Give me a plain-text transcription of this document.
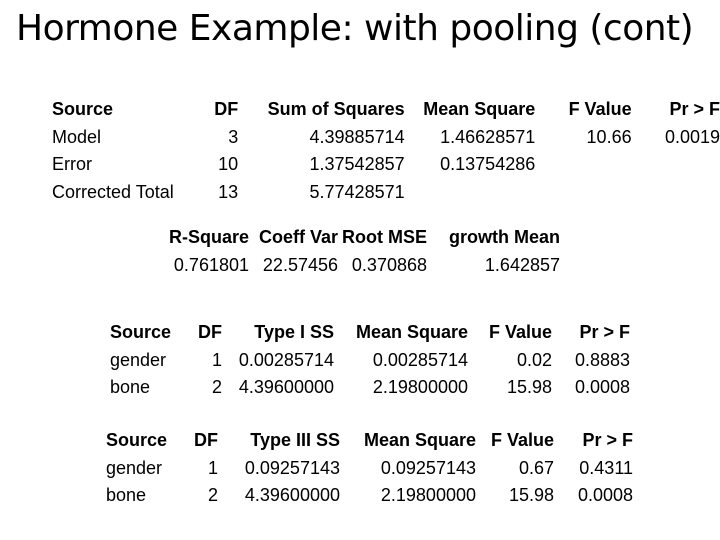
Hormone Example: with pooling (cont)
Source	DF	Sum of Squares	Mean Square	F Value	Pr > F
Model	3	4.39885714	1.46628571	10.66	0.0019
Error	10	1.37542857	0.13754286		
Corrected Total	13	5.77428571			
R-Square	Coeff Var	Root MSE	growth Mean
0.761801	22.57456	0.370868	1.642857
Source	DF	Type I SS	Mean Square	F Value	Pr > F
gender	1	0.00285714	0.00285714	0.02	0.8883
bone	2	4.39600000	2.19800000	15.98	0.0008
Source	DF	Type III SS	Mean Square	F Value	Pr > F
gender	1	0.09257143	0.09257143	0.67	0.4311
bone	2	4.39600000	2.19800000	15.98	0.0008
